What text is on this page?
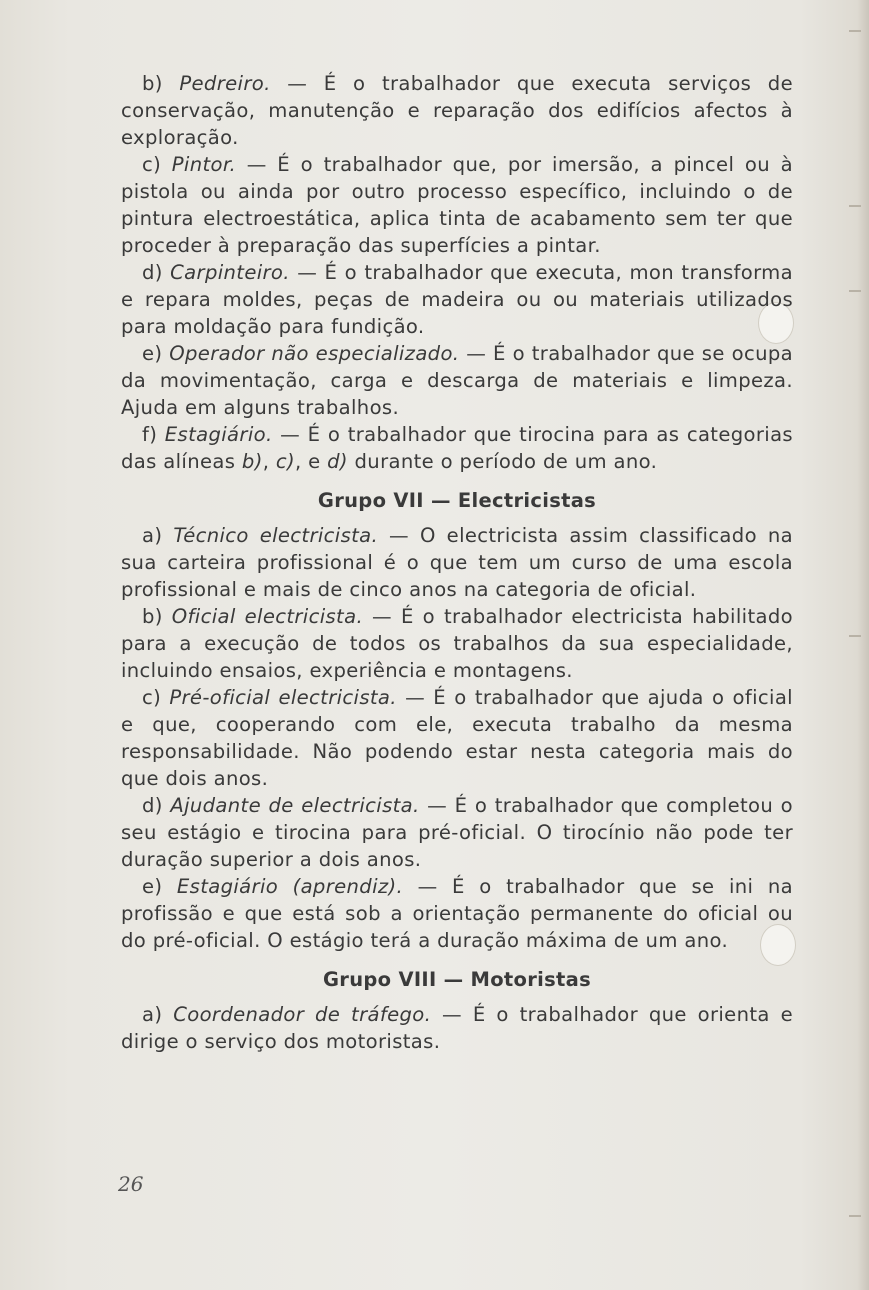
b) Pedreiro. — É o trabalhador que executa serviços de conservação, manutenção e reparação dos edifícios afectos à exploração.

c) Pintor. — É o trabalhador que, por imersão, a pincel ou à pistola ou ainda por outro processo específico, incluindo o de pintura electroestática, aplica tinta de acabamento sem ter que proceder à preparação das superfícies a pintar.

d) Carpinteiro. — É o trabalhador que executa, mon transforma e repara moldes, peças de madeira ou ou materiais utilizados para moldação para fundição.

e) Operador não especializado. — É o trabalhador que se ocupa da movimentação, carga e descarga de materiais e limpeza. Ajuda em alguns trabalhos.

f) Estagiário. — É o trabalhador que tirocina para as categorias das alíneas b), c), e d) durante o período de um ano.

Grupo VII — Electricistas

a) Técnico electricista. — O electricista assim classificado na sua carteira profissional é o que tem um curso de uma escola profissional e mais de cinco anos na categoria de oficial.

b) Oficial electricista. — É o trabalhador electricista habilitado para a execução de todos os trabalhos da sua especialidade, incluindo ensaios, experiência e montagens.

c) Pré-oficial electricista. — É o trabalhador que ajuda o oficial e que, cooperando com ele, executa trabalho da mesma responsabilidade. Não podendo estar nesta categoria mais do que dois anos.

d) Ajudante de electricista. — É o trabalhador que completou o seu estágio e tirocina para pré-oficial. O tirocínio não pode ter duração superior a dois anos.

e) Estagiário (aprendiz). — É o trabalhador que se ini na profissão e que está sob a orientação permanente do oficial ou do pré-oficial. O estágio terá a duração máxima de um ano.

Grupo VIII — Motoristas

a) Coordenador de tráfego. — É o trabalhador que orienta e dirige o serviço dos motoristas.

26
